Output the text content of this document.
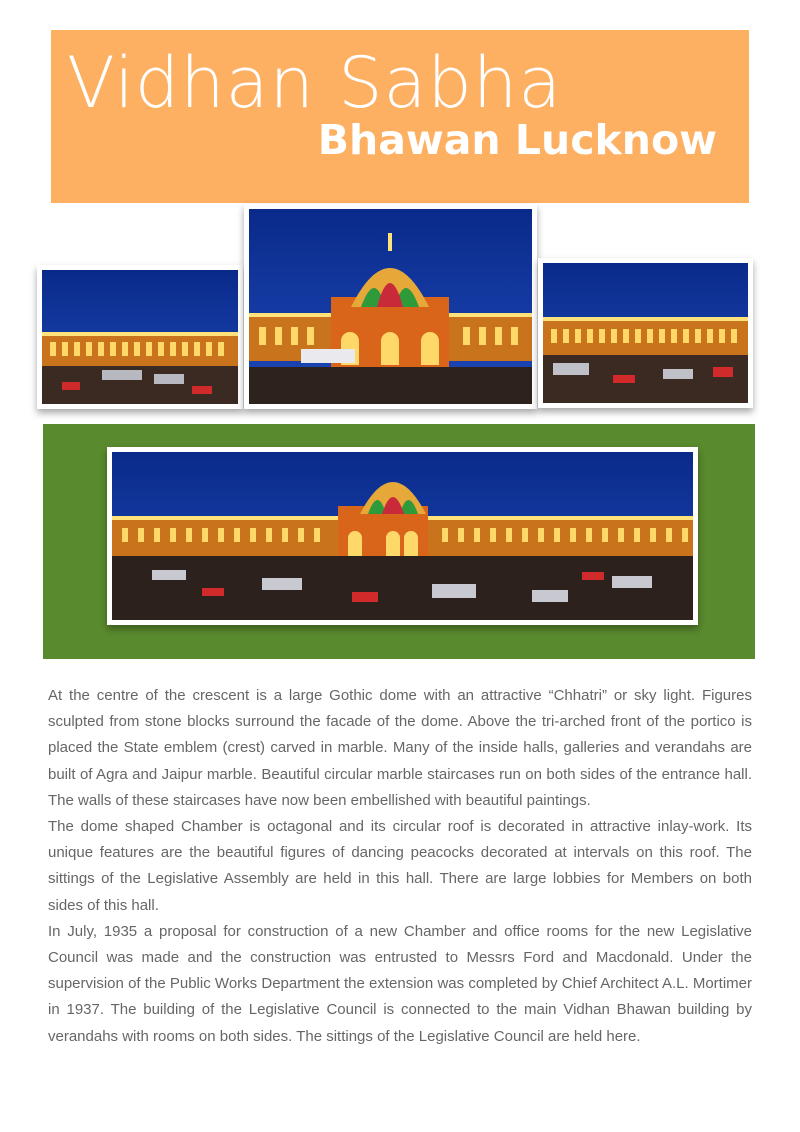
Vidhan Sabha
Bhawan Lucknow

At the centre of the crescent is a large Gothic dome with an attractive “Chhatri” or sky light. Figures sculpted from stone blocks surround the facade of the dome. Above the tri-arched front of the portico is placed the State emblem (crest) carved in marble. Many of the inside halls, galleries and verandahs are built of Agra and Jaipur marble. Beautiful circular marble staircases run on both sides of the entrance hall. The walls of these staircases have now been embellished with beautiful paintings.

The dome shaped Chamber is octagonal and its circular roof is decorated in attractive inlay-work. Its unique features are the beautiful figures of dancing peacocks decorated at intervals on this roof. The sittings of the Legislative Assembly are held in this hall. There are large lobbies for Members on both sides of this hall.

In July, 1935 a proposal for construction of a new Chamber and office rooms for the new Legislative Council was made and the construction was entrusted to Messrs Ford and Macdonald. Under the supervision of the Public Works Department the extension was completed by Chief Architect A.L. Mortimer in 1937. The building of the Legislative Council is connected to the main Vidhan Bhawan building by verandahs with rooms on both sides. The sittings of the Legislative Council are held here.
